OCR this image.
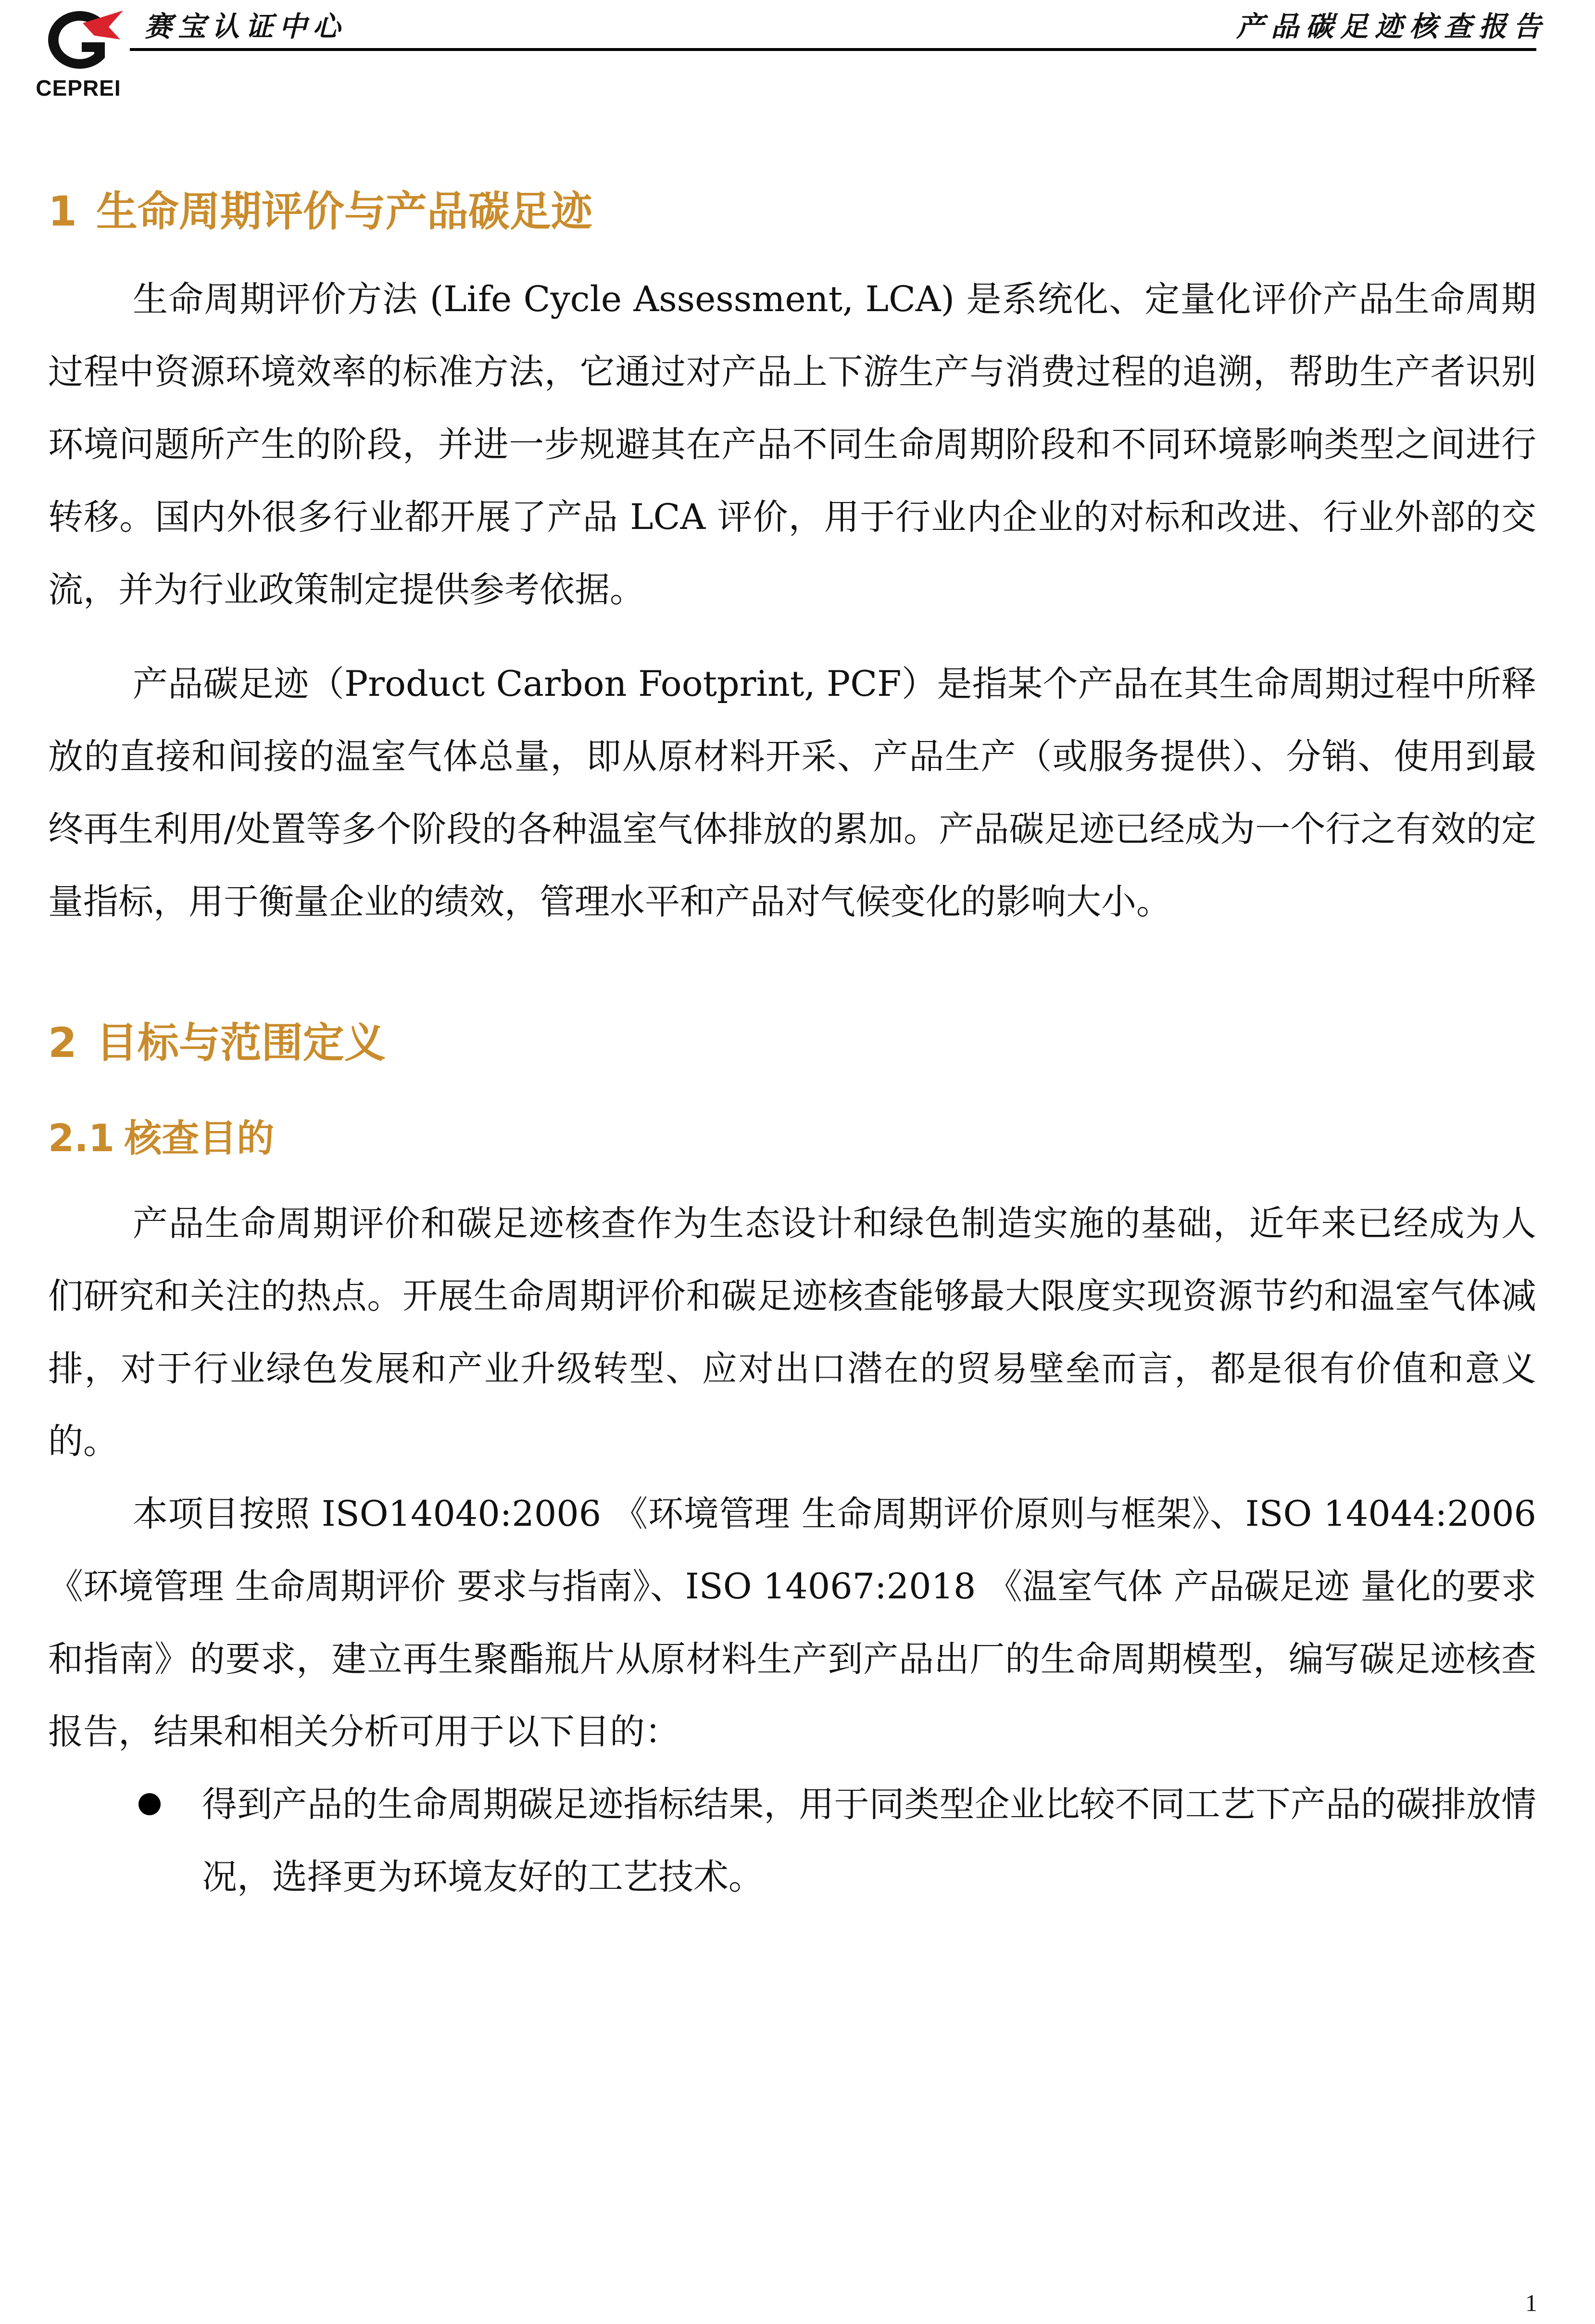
CEPREI
赛宝认证中心	产品碳足迹核查报告
1 生命周期评价与产品碳足迹

生命周期评价方法 (Life Cycle Assessment, LCA) 是系统化、定量化评价产品生命周期过程中资源环境效率的标准方法，它通过对产品上下游生产与消费过程的追溯，帮助生产者识别环境问题所产生的阶段，并进一步规避其在产品不同生命周期阶段和不同环境影响类型之间进行转移。国内外很多行业都开展了产品 LCA 评价，用于行业内企业的对标和改进、行业外部的交流，并为行业政策制定提供参考依据。

产品碳足迹（Product Carbon Footprint, PCF）是指某个产品在其生命周期过程中所释放的直接和间接的温室气体总量，即从原材料开采、产品生产（或服务提供）、分销、使用到最终再生利用/处置等多个阶段的各种温室气体排放的累加。产品碳足迹已经成为一个行之有效的定量指标，用于衡量企业的绩效，管理水平和产品对气候变化的影响大小。

2 目标与范围定义
2.1 核查目的

产品生命周期评价和碳足迹核查作为生态设计和绿色制造实施的基础，近年来已经成为人们研究和关注的热点。开展生命周期评价和碳足迹核查能够最大限度实现资源节约和温室气体减排，对于行业绿色发展和产业升级转型、应对出口潜在的贸易壁垒而言，都是很有价值和意义的。

本项目按照 ISO14040:2006 《环境管理 生命周期评价原则与框架》、ISO 14044:2006 《环境管理 生命周期评价 要求与指南》、ISO 14067:2018 《温室气体 产品碳足迹 量化的要求和指南》的要求，建立再生聚酯瓶片从原材料生产到产品出厂的生命周期模型，编写碳足迹核查报告，结果和相关分析可用于以下目的：

得到产品的生命周期碳足迹指标结果，用于同类型企业比较不同工艺下产品的碳排放情况，选择更为环境友好的工艺技术。

1
